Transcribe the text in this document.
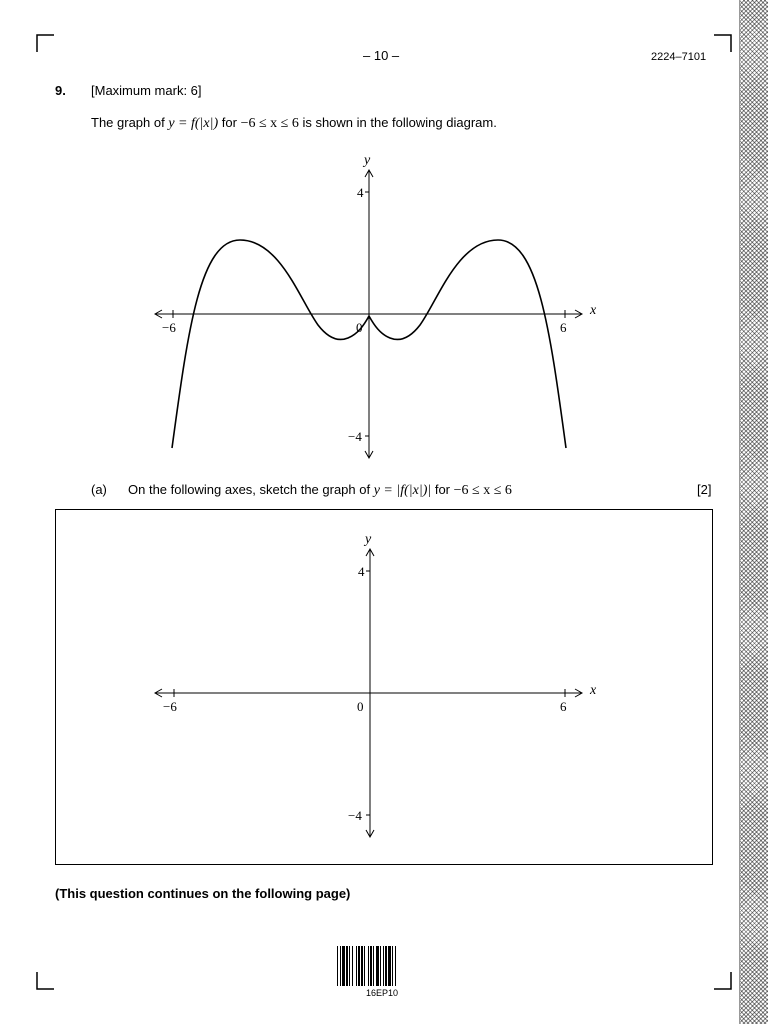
– 10 –	2224–7101
9. [Maximum mark: 6]
The graph of y = f(|x|) for −6 ≤ x ≤ 6 is shown in the following diagram.
x
y
−6	6
0
4
−4
(a) On the following axes, sketch the graph of y = |f(|x|)| for −6 ≤ x ≤ 6	[2]
x
y
−6	6
0
4
−4
(This question continues on the following page)
16EP10
